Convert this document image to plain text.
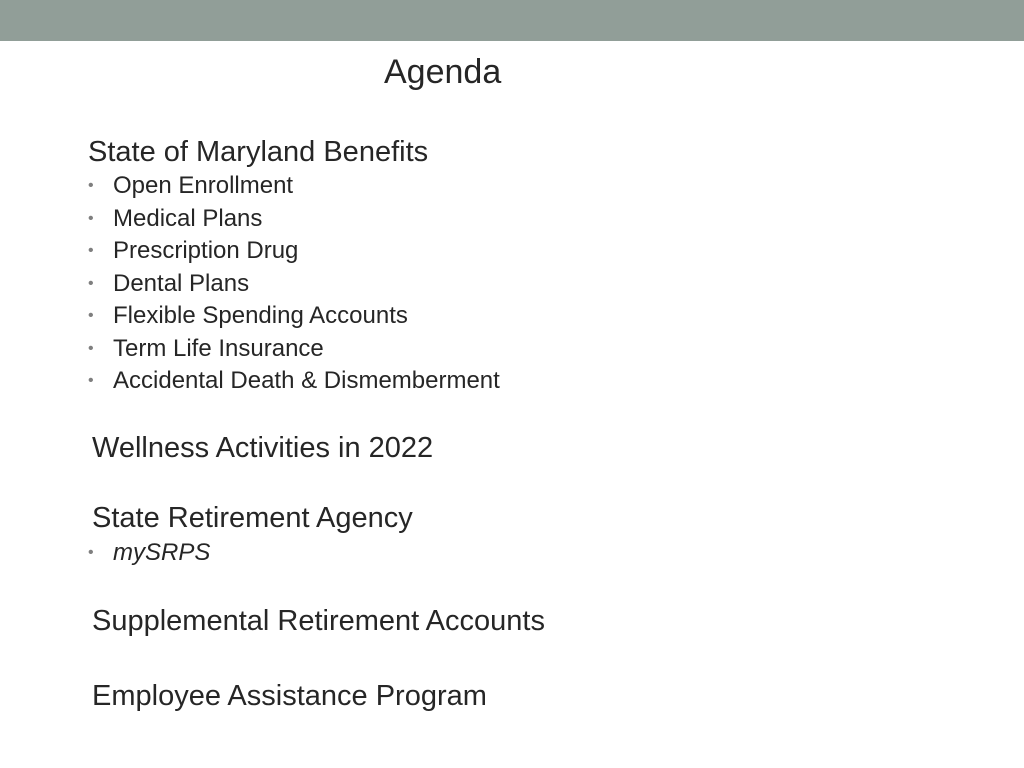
Agenda
State of Maryland Benefits
• Open Enrollment
• Medical Plans
• Prescription Drug
• Dental Plans
• Flexible Spending Accounts
• Term Life Insurance
• Accidental Death & Dismemberment
Wellness Activities in 2022
State Retirement Agency
• mySRPS
Supplemental Retirement Accounts
Employee Assistance Program
